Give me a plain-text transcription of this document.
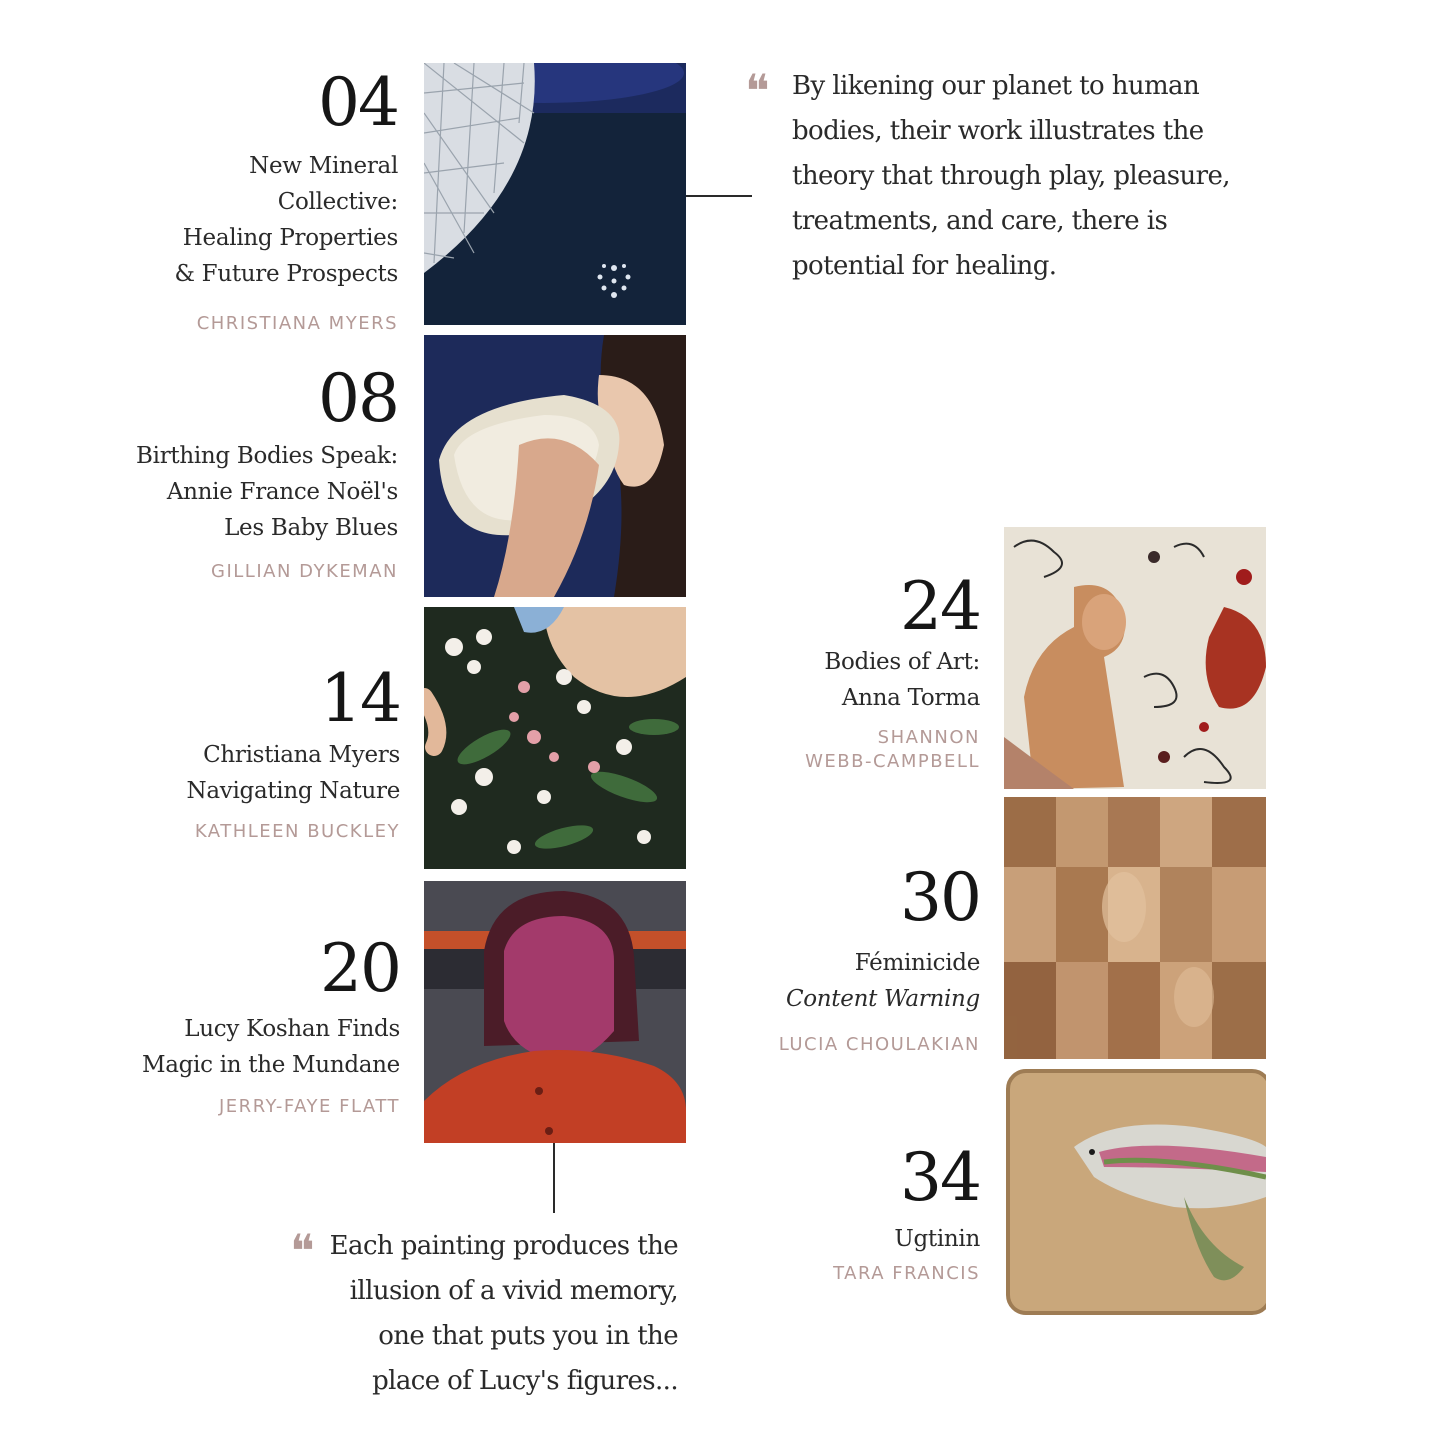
04
New Mineral
Collective:
Healing Properties
& Future Prospects
CHRISTIANA MYERS
08
Birthing Bodies Speak:
Annie France Noël's
Les Baby Blues
GILLIAN DYKEMAN
14
Christiana Myers
Navigating Nature
KATHLEEN BUCKLEY
20
Lucy Koshan Finds
Magic in the Mundane
JERRY-FAYE FLATT
24
Bodies of Art:
Anna Torma
SHANNON
WEBB-CAMPBELL
30
Féminicide
Content Warning
LUCIA CHOULAKIAN
34
Ugtinin
TARA FRANCIS
❝ By likening our planet to human
bodies, their work illustrates the
theory that through play, pleasure,
treatments, and care, there is
potential for healing.
❝ Each painting produces the
illusion of a vivid memory,
one that puts you in the
place of Lucy's figures...
